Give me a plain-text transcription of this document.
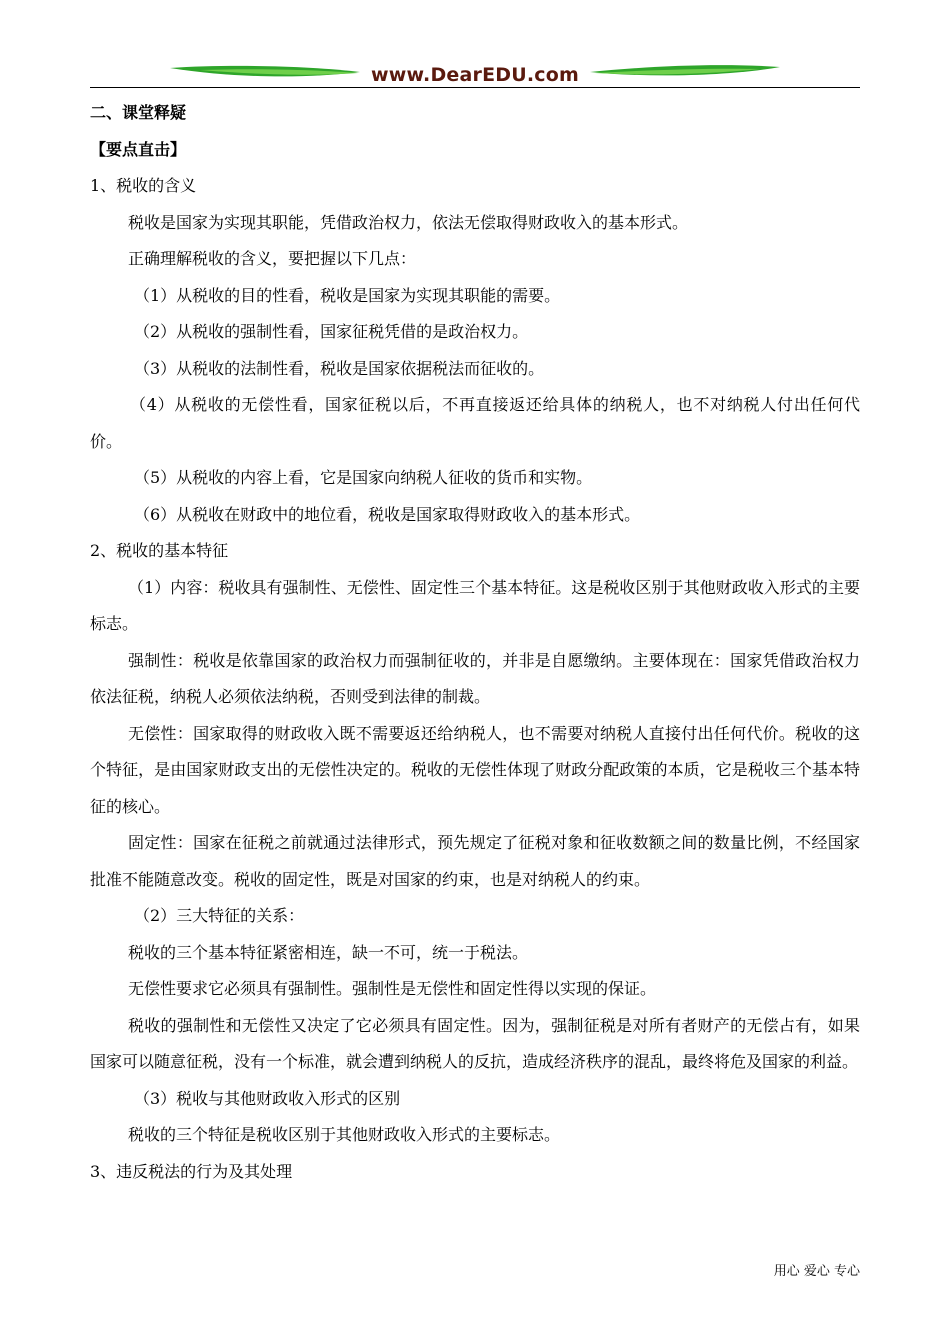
www.DearEDU.com
二、课堂释疑
【要点直击】
1、税收的含义
税收是国家为实现其职能，凭借政治权力，依法无偿取得财政收入的基本形式。
正确理解税收的含义，要把握以下几点：
（1）从税收的目的性看，税收是国家为实现其职能的需要。
（2）从税收的强制性看，国家征税凭借的是政治权力。
（3）从税收的法制性看，税收是国家依据税法而征收的。
（4）从税收的无偿性看，国家征税以后，不再直接返还给具体的纳税人，也不对纳税人付出任何代价。
（5）从税收的内容上看，它是国家向纳税人征收的货币和实物。
（6）从税收在财政中的地位看，税收是国家取得财政收入的基本形式。
2、税收的基本特征
（1）内容：税收具有强制性、无偿性、固定性三个基本特征。这是税收区别于其他财政收入形式的主要标志。
强制性：税收是依靠国家的政治权力而强制征收的，并非是自愿缴纳。主要体现在：国家凭借政治权力依法征税，纳税人必须依法纳税，否则受到法律的制裁。
无偿性：国家取得的财政收入既不需要返还给纳税人，也不需要对纳税人直接付出任何代价。税收的这个特征，是由国家财政支出的无偿性决定的。税收的无偿性体现了财政分配政策的本质，它是税收三个基本特征的核心。
固定性：国家在征税之前就通过法律形式，预先规定了征税对象和征收数额之间的数量比例，不经国家批准不能随意改变。税收的固定性，既是对国家的约束，也是对纳税人的约束。
（2）三大特征的关系：
税收的三个基本特征紧密相连，缺一不可，统一于税法。
无偿性要求它必须具有强制性。强制性是无偿性和固定性得以实现的保证。
税收的强制性和无偿性又决定了它必须具有固定性。因为，强制征税是对所有者财产的无偿占有，如果国家可以随意征税，没有一个标准，就会遭到纳税人的反抗，造成经济秩序的混乱，最终将危及国家的利益。
（3）税收与其他财政收入形式的区别
税收的三个特征是税收区别于其他财政收入形式的主要标志。
3、违反税法的行为及其处理
用心 爱心 专心
